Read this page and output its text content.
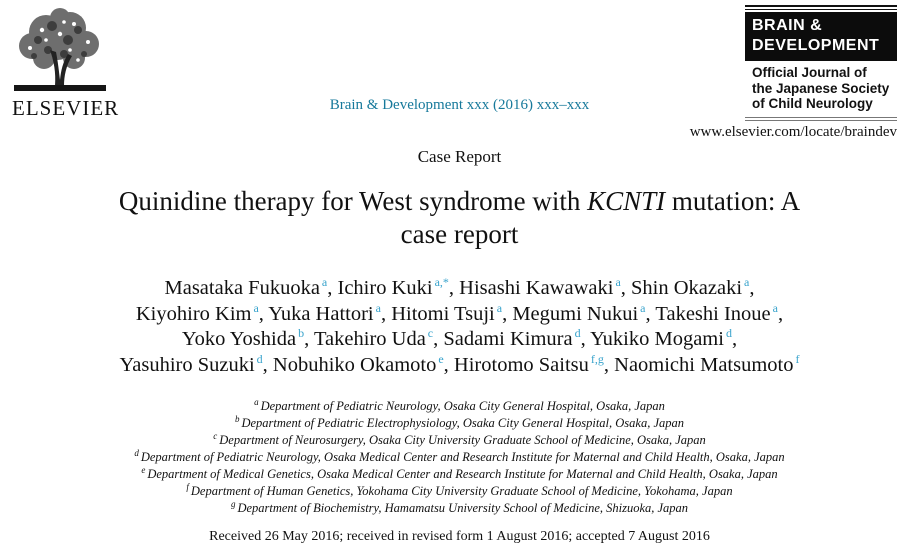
ELSEVIER	Brain & Development xxx (2016) xxx–xxx
BRAIN &
DEVELOPMENT
Official Journal of
the Japanese Society
of Child Neurology
www.elsevier.com/locate/braindev
Case Report
Quinidine therapy for West syndrome with KCNTI mutation: A
case report
Masataka Fukuoka $^a$, Ichiro Kuki $^{a,*}$, Hisashi Kawawaki $^a$, Shin Okazaki $^a$,
Kiyohiro Kim $^a$, Yuka Hattori $^a$, Hitomi Tsuji $^a$, Megumi Nukui $^a$, Takeshi Inoue $^a$,
Yoko Yoshida $^b$, Takehiro Uda $^c$, Sadami Kimura $^d$, Yukiko Mogami $^d$,
Yasuhiro Suzuki $^d$, Nobuhiko Okamoto $^e$, Hirotomo Saitsu $^{f,g}$, Naomichi Matsumoto $^f$
$^a$ Department of Pediatric Neurology, Osaka City General Hospital, Osaka, Japan
$^b$ Department of Pediatric Electrophysiology, Osaka City General Hospital, Osaka, Japan
$^c$ Department of Neurosurgery, Osaka City University Graduate School of Medicine, Osaka, Japan
$^d$ Department of Pediatric Neurology, Osaka Medical Center and Research Institute for Maternal and Child Health, Osaka, Japan
$^e$ Department of Medical Genetics, Osaka Medical Center and Research Institute for Maternal and Child Health, Osaka, Japan
$^f$ Department of Human Genetics, Yokohama City University Graduate School of Medicine, Yokohama, Japan
$^g$ Department of Biochemistry, Hamamatsu University School of Medicine, Shizuoka, Japan
Received 26 May 2016; received in revised form 1 August 2016; accepted 7 August 2016
